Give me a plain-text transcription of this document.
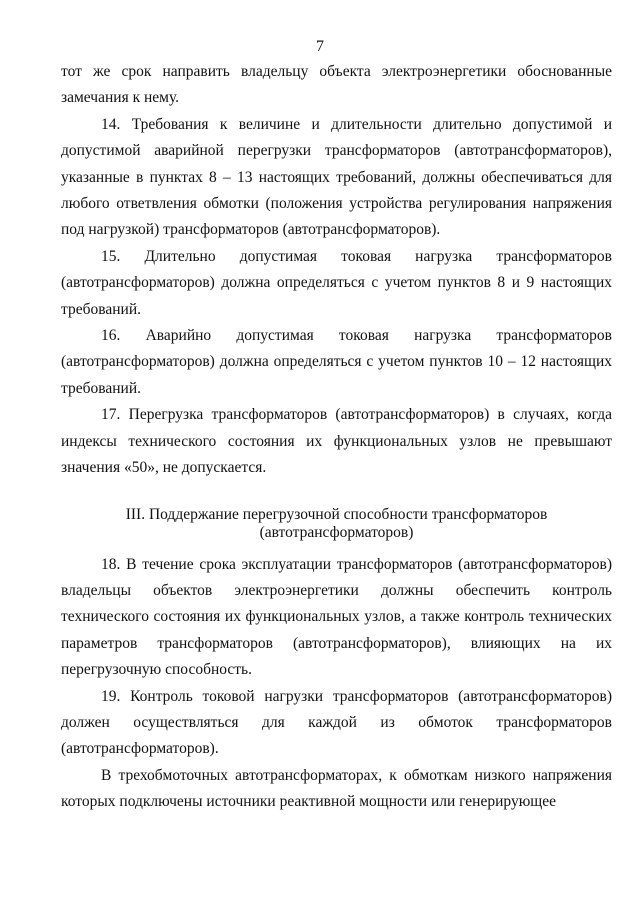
7

тот же срок направить владельцу объекта электроэнергетики обоснованные замечания к нему.

14. Требования к величине и длительности длительно допустимой и допустимой аварийной перегрузки трансформаторов (автотрансформаторов), указанные в пунктах 8 – 13 настоящих требований, должны обеспечиваться для любого ответвления обмотки (положения устройства регулирования напряжения под нагрузкой) трансформаторов (автотрансформаторов).

15. Длительно допустимая токовая нагрузка трансформаторов (автотрансформаторов) должна определяться с учетом пунктов 8 и 9 настоящих требований.

16. Аварийно допустимая токовая нагрузка трансформаторов (автотрансформаторов) должна определяться с учетом пунктов 10 – 12 настоящих требований.

17. Перегрузка трансформаторов (автотрансформаторов) в случаях, когда индексы технического состояния их функциональных узлов не превышают значения «50», не допускается.

III. Поддержание перегрузочной способности трансформаторов
(автотрансформаторов)

18. В течение срока эксплуатации трансформаторов (автотрансформаторов) владельцы объектов электроэнергетики должны обеспечить контроль технического состояния их функциональных узлов, а также контроль технических параметров трансформаторов (автотрансформаторов), влияющих на их перегрузочную способность.

19. Контроль токовой нагрузки трансформаторов (автотрансформаторов) должен осуществляться для каждой из обмоток трансформаторов (автотрансформаторов).

В трехобмоточных автотрансформаторах, к обмоткам низкого напряжения которых подключены источники реактивной мощности или генерирующее
